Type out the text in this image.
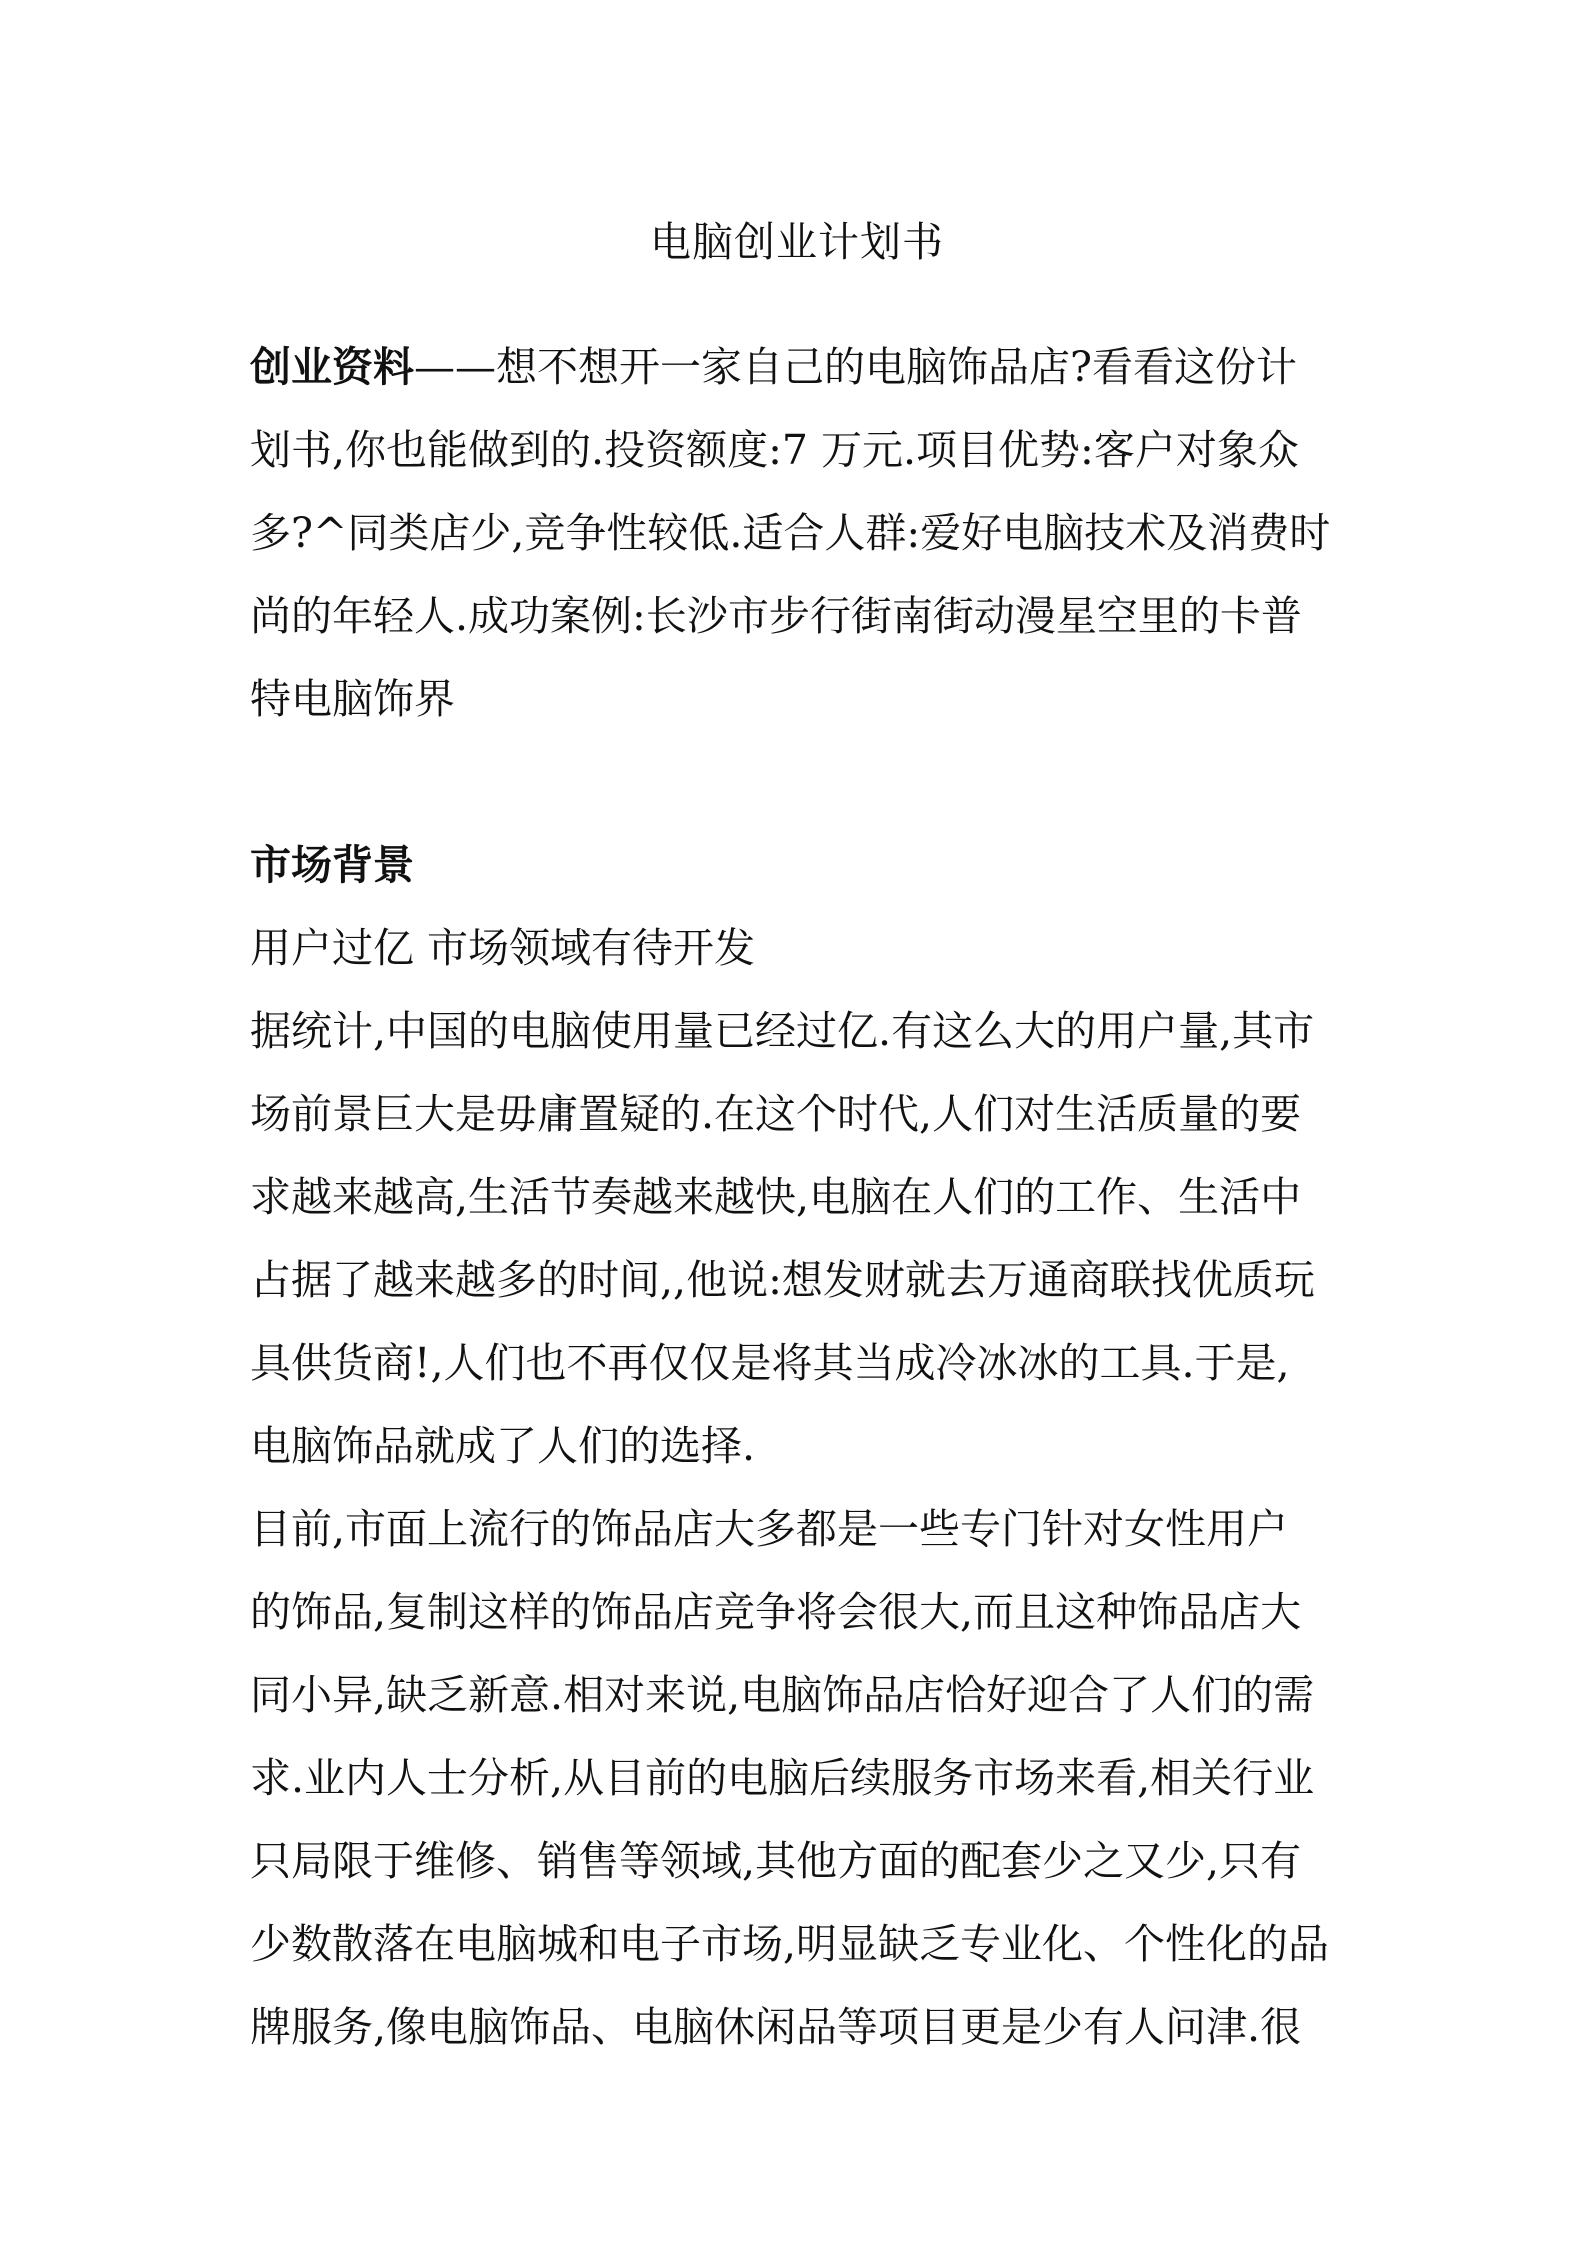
电脑创业计划书

创业资料——想不想开一家自己的电脑饰品店?看看这份计
划书,你也能做到的.投资额度:7 万元.项目优势:客户对象众
多?^同类店少,竞争性较低.适合人群:爱好电脑技术及消费时
尚的年轻人.成功案例:长沙市步行街南街动漫星空里的卡普
特电脑饰界

市场背景

用户过亿 市场领域有待开发

据统计,中国的电脑使用量已经过亿.有这么大的用户量,其市
场前景巨大是毋庸置疑的.在这个时代,人们对生活质量的要
求越来越高,生活节奏越来越快,电脑在人们的工作、生活中
占据了越来越多的时间,,他说:想发财就去万通商联找优质玩
具供货商!,人们也不再仅仅是将其当成冷冰冰的工具.于是,
电脑饰品就成了人们的选择.

目前,市面上流行的饰品店大多都是一些专门针对女性用户
的饰品,复制这样的饰品店竞争将会很大,而且这种饰品店大
同小异,缺乏新意.相对来说,电脑饰品店恰好迎合了人们的需
求.业内人士分析,从目前的电脑后续服务市场来看,相关行业
只局限于维修、销售等领域,其他方面的配套少之又少,只有
少数散落在电脑城和电子市场,明显缺乏专业化、个性化的品
牌服务,像电脑饰品、电脑休闲品等项目更是少有人问津.很
